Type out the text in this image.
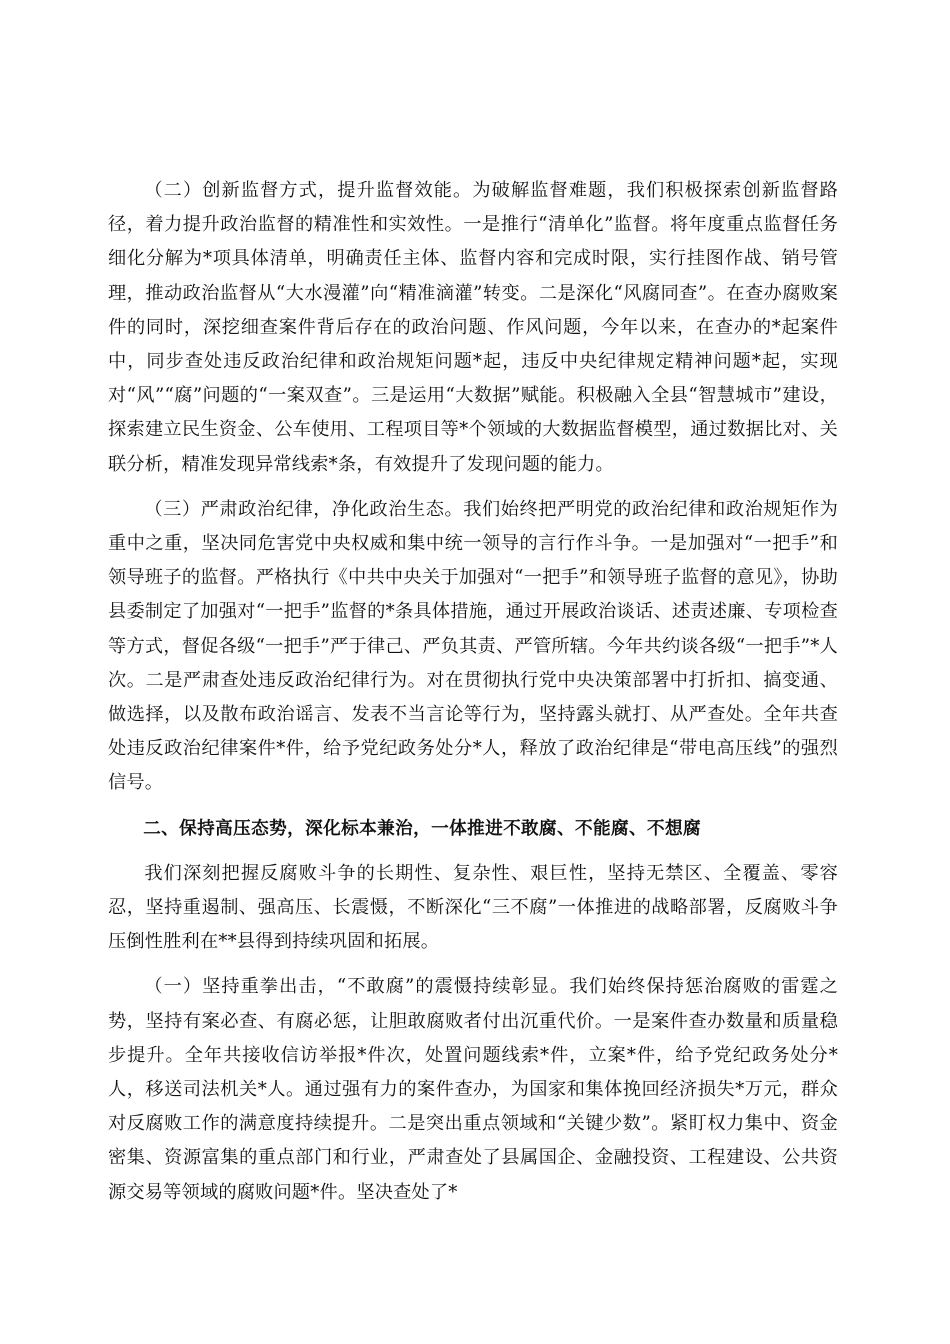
（二）创新监督方式，提升监督效能。为破解监督难题，我们积极探索创新监督路径，着力提升政治监督的精准性和实效性。一是推行“清单化”监督。将年度重点监督任务细化分解为*项具体清单，明确责任主体、监督内容和完成时限，实行挂图作战、销号管理，推动政治监督从“大水漫灌”向“精准滴灌”转变。二是深化“风腐同查”。在查办腐败案件的同时，深挖细查案件背后存在的政治问题、作风问题，今年以来，在查办的*起案件中，同步查处违反政治纪律和政治规矩问题*起，违反中央纪律规定精神问题*起，实现对“风”“腐”问题的“一案双查”。三是运用“大数据”赋能。积极融入全县“智慧城市”建设，探索建立民生资金、公车使用、工程项目等*个领域的大数据监督模型，通过数据比对、关联分析，精准发现异常线索*条，有效提升了发现问题的能力。

（三）严肃政治纪律，净化政治生态。我们始终把严明党的政治纪律和政治规矩作为重中之重，坚决同危害党中央权威和集中统一领导的言行作斗争。一是加强对“一把手”和领导班子的监督。严格执行《中共中央关于加强对“一把手”和领导班子监督的意见》，协助县委制定了加强对“一把手”监督的*条具体措施，通过开展政治谈话、述责述廉、专项检查等方式，督促各级“一把手”严于律己、严负其责、严管所辖。今年共约谈各级“一把手”*人次。二是严肃查处违反政治纪律行为。对在贯彻执行党中央决策部署中打折扣、搞变通、做选择，以及散布政治谣言、发表不当言论等行为，坚持露头就打、从严查处。全年共查处违反政治纪律案件*件，给予党纪政务处分*人，释放了政治纪律是“带电高压线”的强烈信号。

二、保持高压态势，深化标本兼治，一体推进不敢腐、不能腐、不想腐

我们深刻把握反腐败斗争的长期性、复杂性、艰巨性，坚持无禁区、全覆盖、零容忍，坚持重遏制、强高压、长震慑，不断深化“三不腐”一体推进的战略部署，反腐败斗争压倒性胜利在**县得到持续巩固和拓展。

（一）坚持重拳出击，“不敢腐”的震慑持续彰显。我们始终保持惩治腐败的雷霆之势，坚持有案必查、有腐必惩，让胆敢腐败者付出沉重代价。一是案件查办数量和质量稳步提升。全年共接收信访举报*件次，处置问题线索*件，立案*件，给予党纪政务处分*人，移送司法机关*人。通过强有力的案件查办，为国家和集体挽回经济损失*万元，群众对反腐败工作的满意度持续提升。二是突出重点领域和“关键少数”。紧盯权力集中、资金密集、资源富集的重点部门和行业，严肃查处了县属国企、金融投资、工程建设、公共资源交易等领域的腐败问题*件。坚决查处了*
